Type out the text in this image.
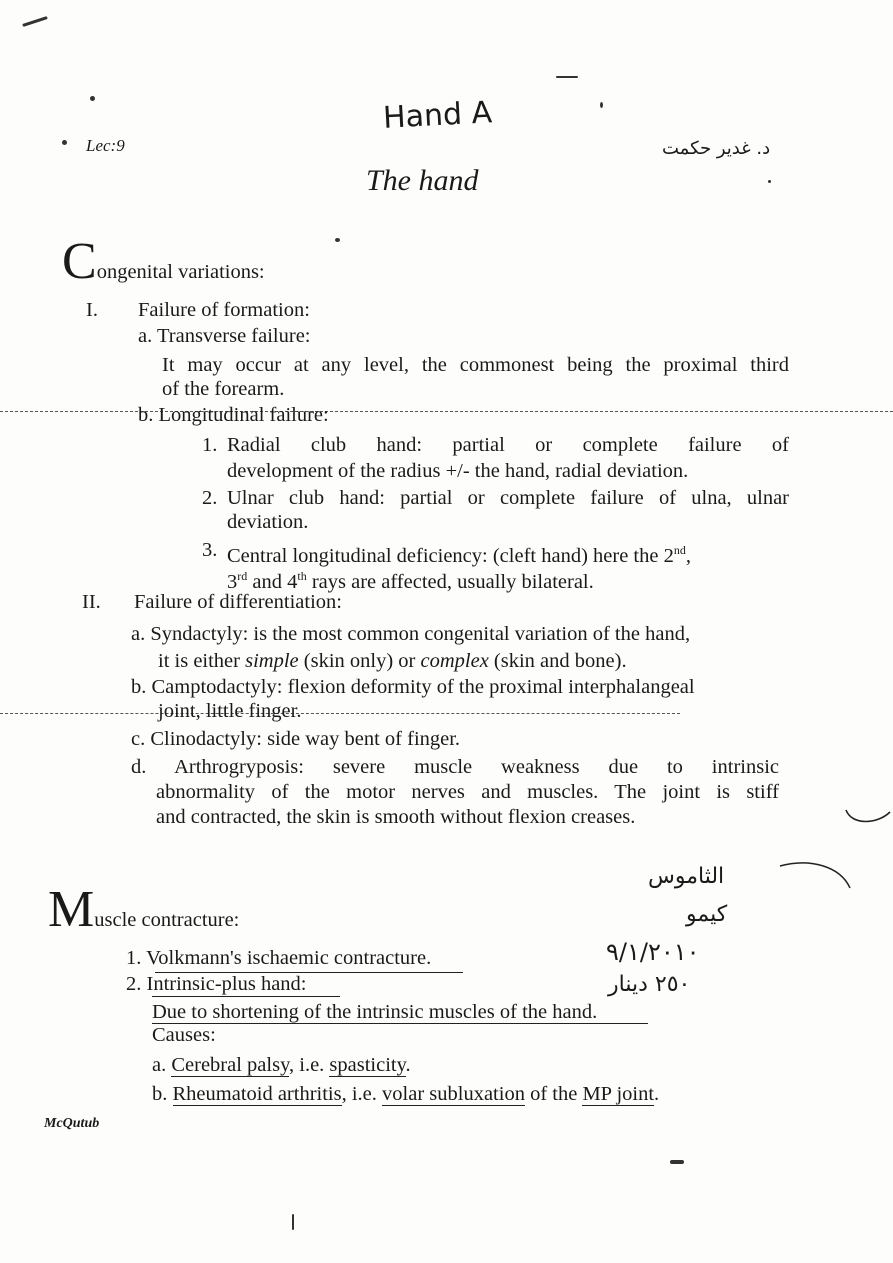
Hand A
Lec:9	د. غدير حكمت
The hand
Congenital variations:
I. Failure of formation:
a. Transverse failure:
It may occur at any level, the commonest being the proximal third
of the forearm.
b. Longitudinal failure:
1. Radial club hand: partial or complete failure of
development of the radius +/- the hand, radial deviation.
2. Ulnar club hand: partial or complete failure of ulna, ulnar
deviation.
3. Central longitudinal deficiency: (cleft hand) here the 2nd,
3rd and 4th rays are affected, usually bilateral.
II. Failure of differentiation:
a. Syndactyly: is the most common congenital variation of the hand,
it is either simple (skin only) or complex (skin and bone).
b. Camptodactyly: flexion deformity of the proximal interphalangeal
joint, little finger.
c. Clinodactyly: side way bent of finger.
d. Arthrogryposis: severe muscle weakness due to intrinsic
abnormality of the motor nerves and muscles. The joint is stiff
and contracted, the skin is smooth without flexion creases.
Muscle contracture:
1. Volkmann's ischaemic contracture.
2. Intrinsic-plus hand:
Due to shortening of the intrinsic muscles of the hand.
Causes:
a. Cerebral palsy, i.e. spasticity.
b. Rheumatoid arthritis, i.e. volar subluxation of the MP joint.
الثاموس
كيمو
٩/١/٢٠١٠
٢٥٠ دينار
McQutub
